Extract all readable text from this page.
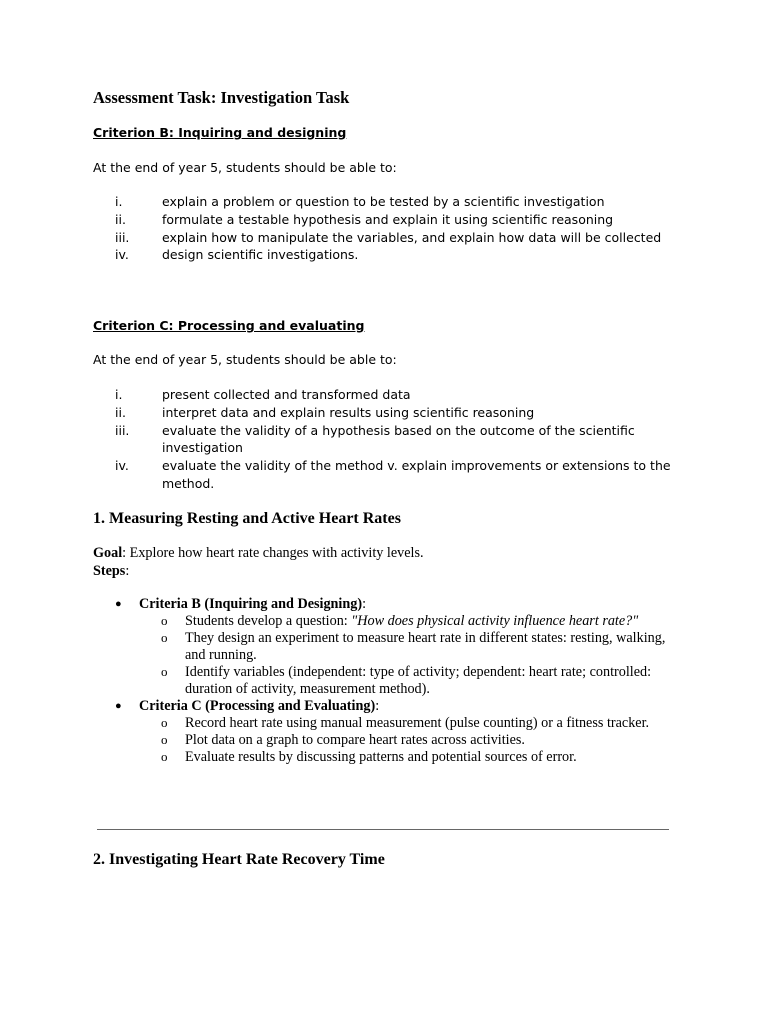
Assessment Task: Investigation Task
Criterion B: Inquiring and designing
At the end of year 5, students should be able to:
i.	explain a problem or question to be tested by a scientific investigation
ii.	formulate a testable hypothesis and explain it using scientific reasoning
iii.	explain how to manipulate the variables, and explain how data will be collected
iv.	design scientific investigations.
Criterion C: Processing and evaluating
At the end of year 5, students should be able to:
i.	present collected and transformed data
ii.	interpret data and explain results using scientific reasoning
iii.	evaluate the validity of a hypothesis based on the outcome of the scientific investigation
iv.	evaluate the validity of the method v. explain improvements or extensions to the method.
1. Measuring Resting and Active Heart Rates
Goal: Explore how heart rate changes with activity levels.
Steps:
● Criteria B (Inquiring and Designing):
o Students develop a question: "How does physical activity influence heart rate?"
o They design an experiment to measure heart rate in different states: resting, walking, and running.
o Identify variables (independent: type of activity; dependent: heart rate; controlled: duration of activity, measurement method).
● Criteria C (Processing and Evaluating):
o Record heart rate using manual measurement (pulse counting) or a fitness tracker.
o Plot data on a graph to compare heart rates across activities.
o Evaluate results by discussing patterns and potential sources of error.
2. Investigating Heart Rate Recovery Time
